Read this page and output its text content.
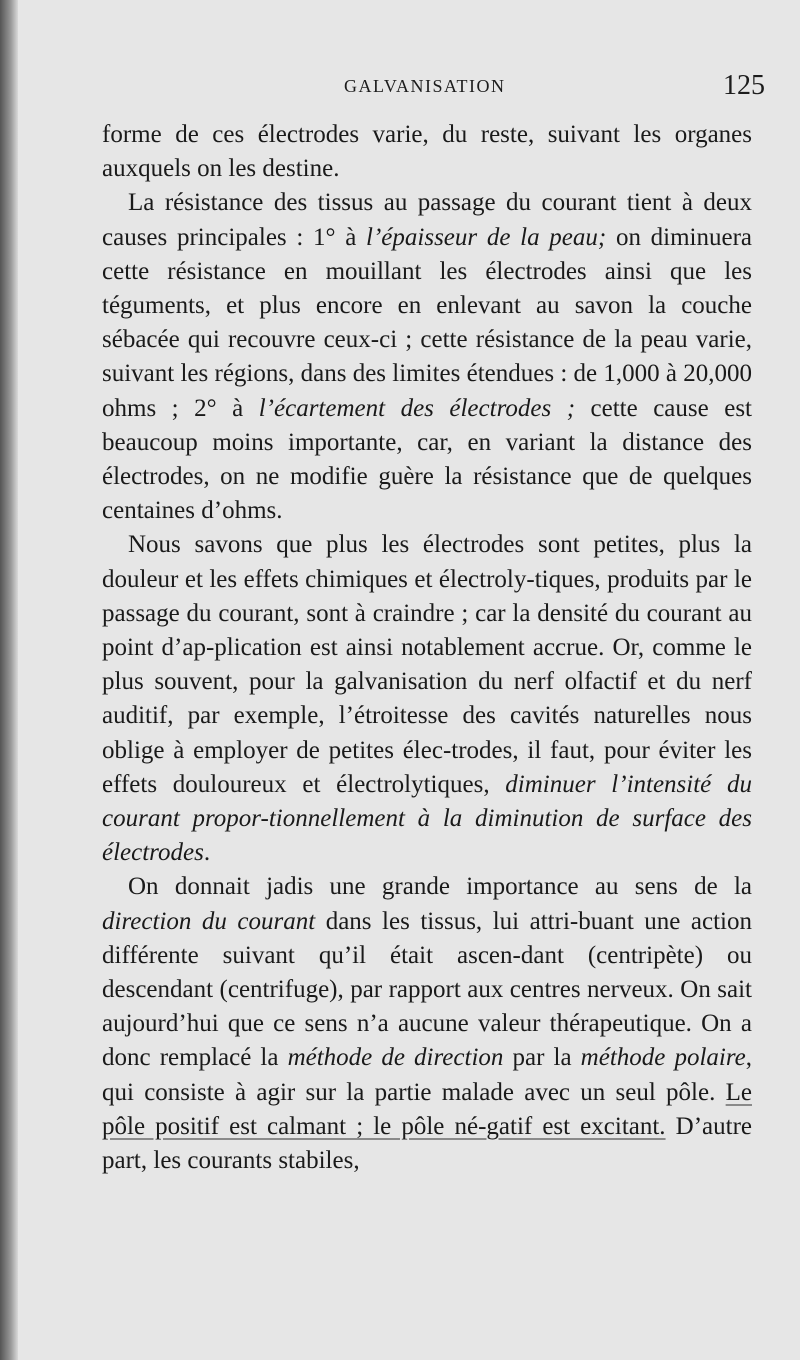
GALVANISATION	125

forme de ces électrodes varie, du reste, suivant les organes auxquels on les destine.

La résistance des tissus au passage du courant tient à deux causes principales : 1° à l’épaisseur de la peau; on diminuera cette résistance en mouillant les électrodes ainsi que les téguments, et plus encore en enlevant au savon la couche sébacée qui recouvre ceux-ci ; cette résistance de la peau varie, suivant les régions, dans des limites étendues : de 1,000 à 20,000 ohms ; 2° à l’écartement des électrodes ; cette cause est beaucoup moins importante, car, en variant la distance des électrodes, on ne modifie guère la résistance que de quelques centaines d’ohms.

Nous savons que plus les électrodes sont petites, plus la douleur et les effets chimiques et électroly-tiques, produits par le passage du courant, sont à craindre ; car la densité du courant au point d’ap-plication est ainsi notablement accrue. Or, comme le plus souvent, pour la galvanisation du nerf olfactif et du nerf auditif, par exemple, l’étroitesse des cavités naturelles nous oblige à employer de petites élec-trodes, il faut, pour éviter les effets douloureux et électrolytiques, diminuer l’intensité du courant propor-tionnellement à la diminution de surface des électrodes.

On donnait jadis une grande importance au sens de la direction du courant dans les tissus, lui attri-buant une action différente suivant qu’il était ascen-dant (centripète) ou descendant (centrifuge), par rapport aux centres nerveux. On sait aujourd’hui que ce sens n’a aucune valeur thérapeutique. On a donc remplacé la méthode de direction par la méthode polaire, qui consiste à agir sur la partie malade avec un seul pôle. Le pôle positif est calmant ; le pôle né-gatif est excitant. D’autre part, les courants stabiles,
